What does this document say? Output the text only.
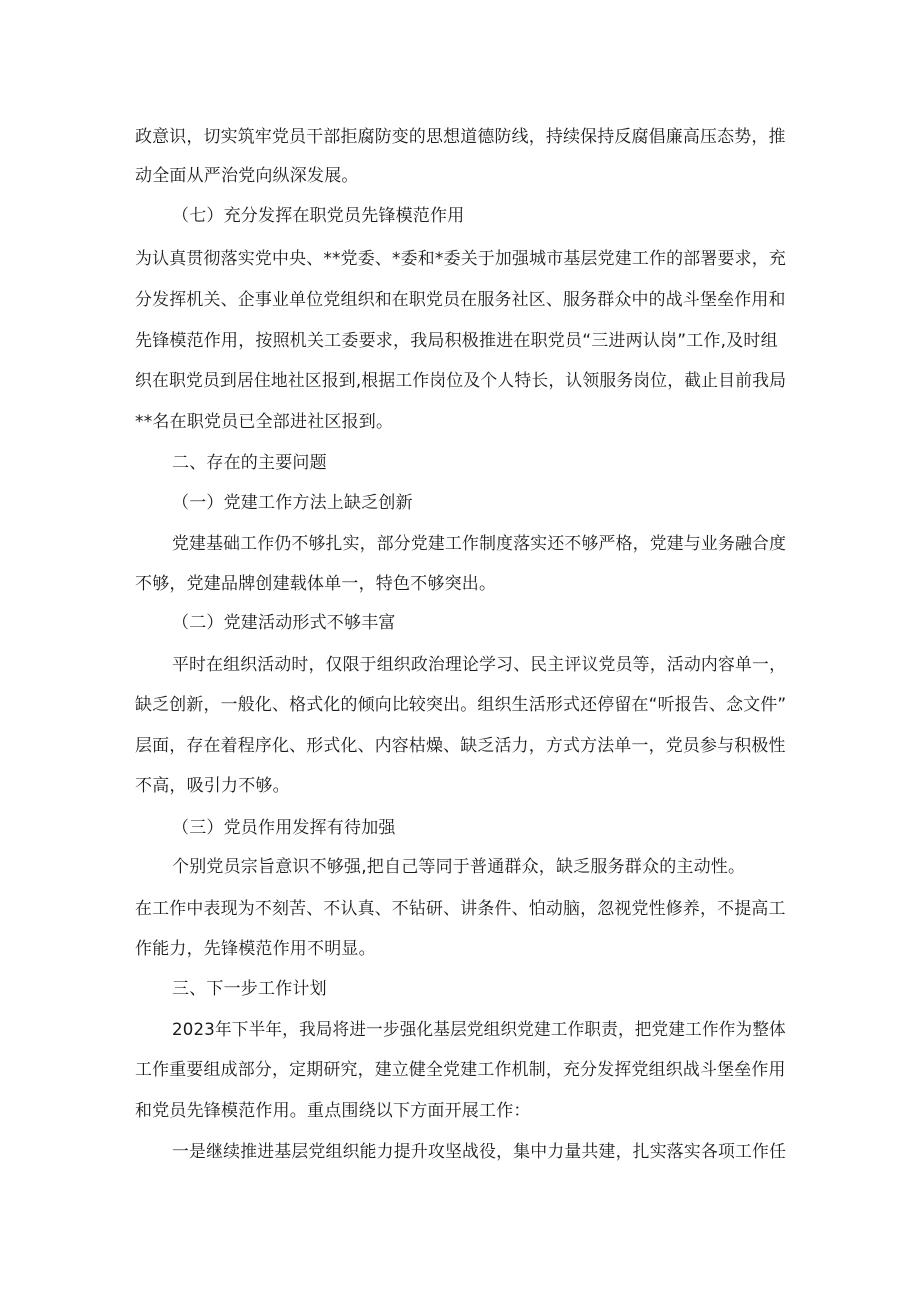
政意识，切实筑牢党员干部拒腐防变的思想道德防线，持续保持反腐倡廉高压态势，推
动全面从严治党向纵深发展。
（七）充分发挥在职党员先锋模范作用
为认真贯彻落实党中央、**党委、*委和*委关于加强城市基层党建工作的部署要求，充
分发挥机关、企事业单位党组织和在职党员在服务社区、服务群众中的战斗堡垒作用和
先锋模范作用，按照机关工委要求，我局积极推进在职党员“三进两认岗”工作,及时组
织在职党员到居住地社区报到,根据工作岗位及个人特长，认领服务岗位，截止目前我局
**名在职党员已全部进社区报到。
二、存在的主要问题
（一）党建工作方法上缺乏创新
党建基础工作仍不够扎实，部分党建工作制度落实还不够严格，党建与业务融合度
不够，党建品牌创建载体单一，特色不够突出。
（二）党建活动形式不够丰富
平时在组织活动时，仅限于组织政治理论学习、民主评议党员等，活动内容单一，
缺乏创新，一般化、格式化的倾向比较突出。组织生活形式还停留在“听报告、念文件”
层面，存在着程序化、形式化、内容枯燥、缺乏活力，方式方法单一，党员参与积极性
不高，吸引力不够。
（三）党员作用发挥有待加强
个别党员宗旨意识不够强,把自己等同于普通群众，缺乏服务群众的主动性。
在工作中表现为不刻苦、不认真、不钻研、讲条件、怕动脑，忽视党性修养，不提高工
作能力，先锋模范作用不明显。
三、下一步工作计划
2023年下半年，我局将进一步强化基层党组织党建工作职责，把党建工作作为整体
工作重要组成部分，定期研究，建立健全党建工作机制，充分发挥党组织战斗堡垒作用
和党员先锋模范作用。重点围绕以下方面开展工作：
一是继续推进基层党组织能力提升攻坚战役，集中力量共建，扎实落实各项工作任
